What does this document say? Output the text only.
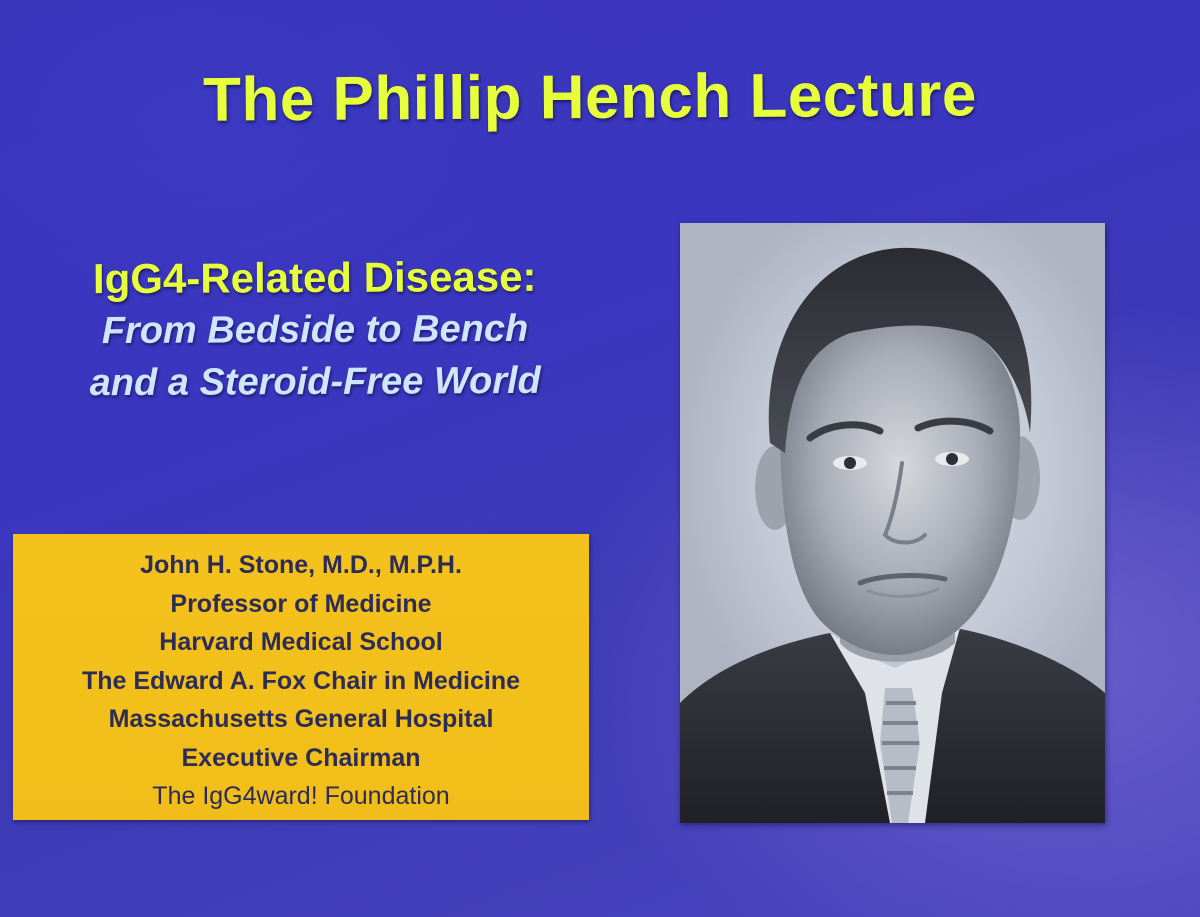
The Phillip Hench Lecture
IgG4-Related Disease:
From Bedside to Bench
and a Steroid-Free World
John H. Stone, M.D., M.P.H.
Professor of Medicine
Harvard Medical School
The Edward A. Fox Chair in Medicine
Massachusetts General Hospital
Executive Chairman
The IgG4ward! Foundation
